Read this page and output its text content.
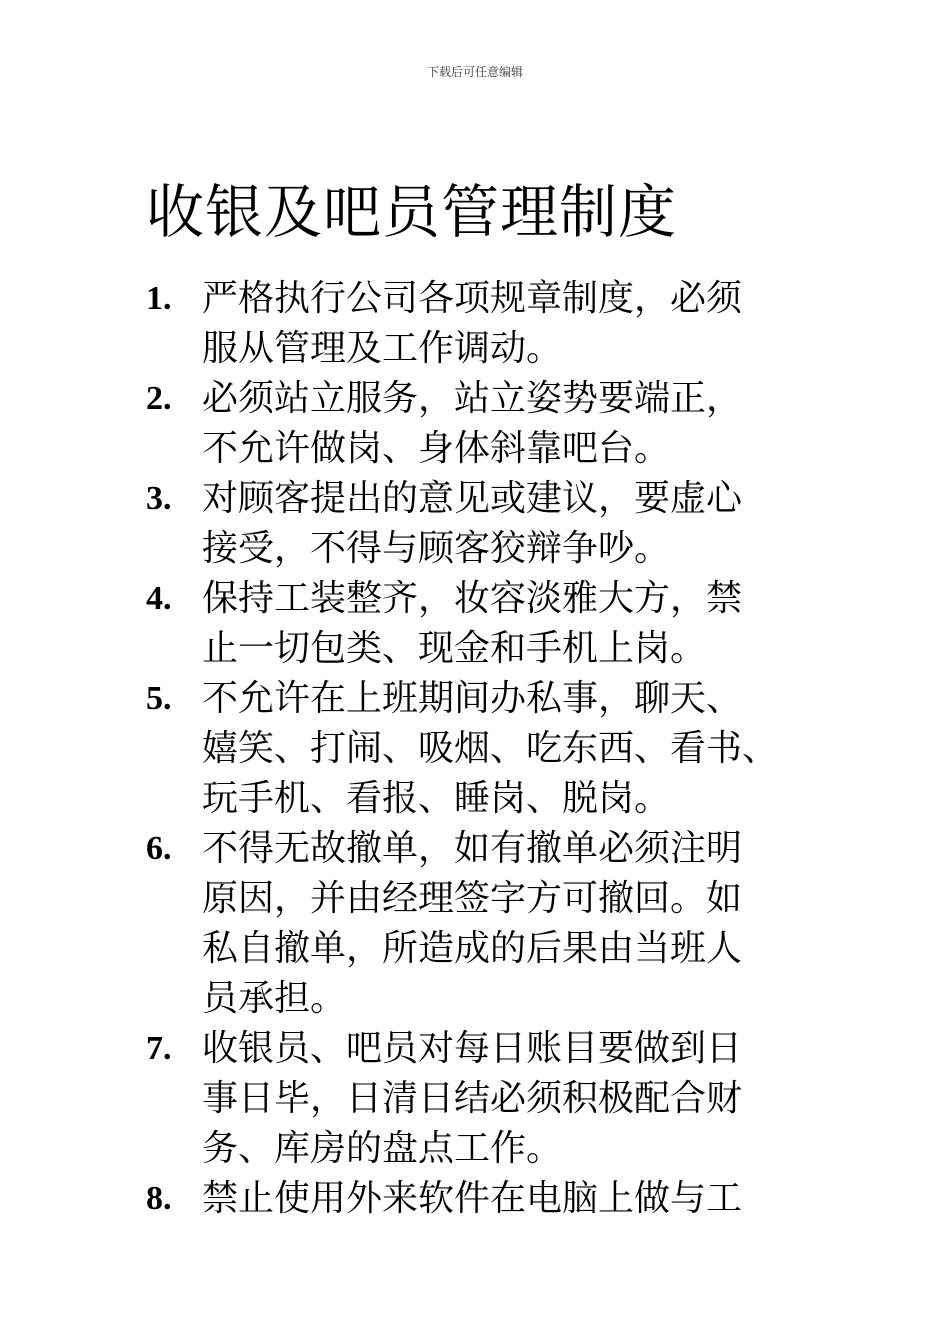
下载后可任意编辑
收银及吧员管理制度
1. 严格执行公司各项规章制度，必须
服从管理及工作调动。
2. 必须站立服务，站立姿势要端正，
不允许做岗、身体斜靠吧台。
3. 对顾客提出的意见或建议，要虚心
接受，不得与顾客狡辩争吵。
4. 保持工装整齐，妆容淡雅大方，禁
止一切包类、现金和手机上岗。
5. 不允许在上班期间办私事，聊天、
嬉笑、打闹、吸烟、吃东西、看书、
玩手机、看报、睡岗、脱岗。
6. 不得无故撤单，如有撤单必须注明
原因，并由经理签字方可撤回。如
私自撤单，所造成的后果由当班人
员承担。
7. 收银员、吧员对每日账目要做到日
事日毕，日清日结必须积极配合财
务、库房的盘点工作。
8. 禁止使用外来软件在电脑上做与工
